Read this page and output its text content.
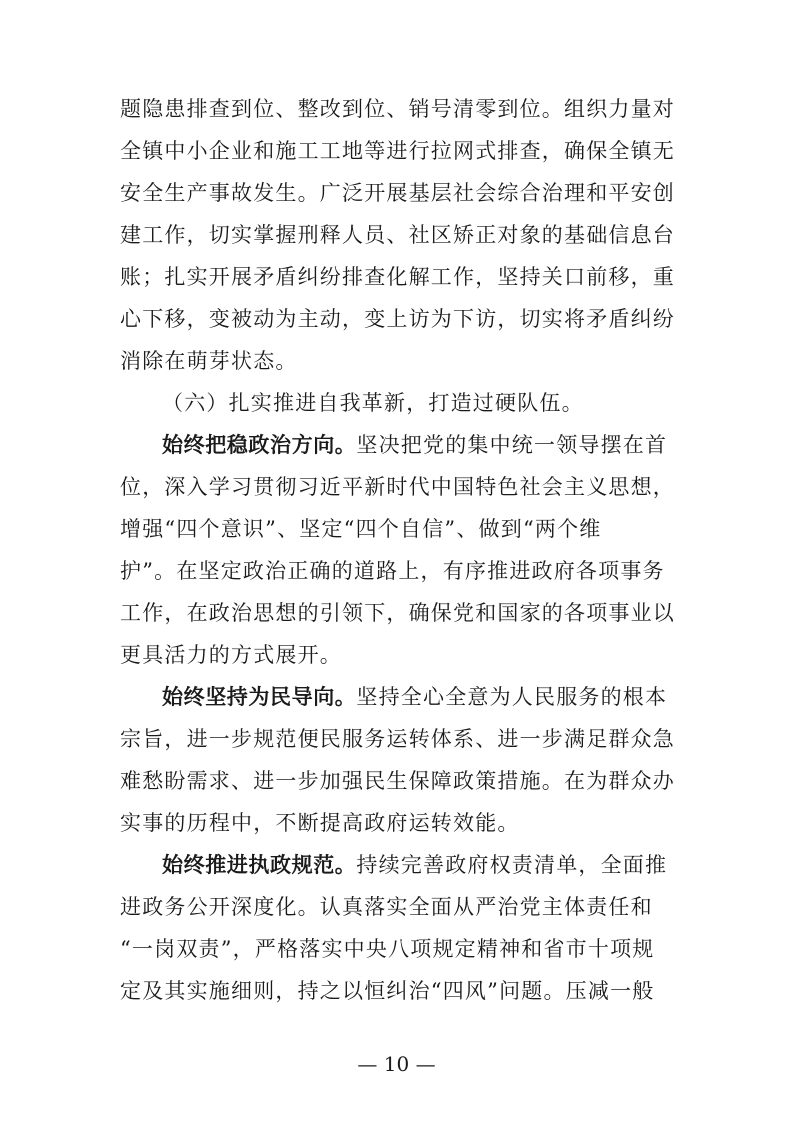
题隐患排查到位、整改到位、销号清零到位。组织力量对
全镇中小企业和施工工地等进行拉网式排查，确保全镇无
安全生产事故发生。广泛开展基层社会综合治理和平安创
建工作，切实掌握刑释人员、社区矫正对象的基础信息台
账；扎实开展矛盾纠纷排查化解工作，坚持关口前移，重
心下移，变被动为主动，变上访为下访，切实将矛盾纠纷
消除在萌芽状态。
（六）扎实推进自我革新，打造过硬队伍。
始终把稳政治方向。坚决把党的集中统一领导摆在首
位，深入学习贯彻习近平新时代中国特色社会主义思想，
增强“四个意识”、坚定“四个自信”、做到“两个维
护”。在坚定政治正确的道路上，有序推进政府各项事务
工作，在政治思想的引领下，确保党和国家的各项事业以
更具活力的方式展开。
始终坚持为民导向。坚持全心全意为人民服务的根本
宗旨，进一步规范便民服务运转体系、进一步满足群众急
难愁盼需求、进一步加强民生保障政策措施。在为群众办
实事的历程中，不断提高政府运转效能。
始终推进执政规范。持续完善政府权责清单，全面推
进政务公开深度化。认真落实全面从严治党主体责任和
“一岗双责”，严格落实中央八项规定精神和省市十项规
定及其实施细则，持之以恒纠治“四风”问题。压减一般
— 10 —
